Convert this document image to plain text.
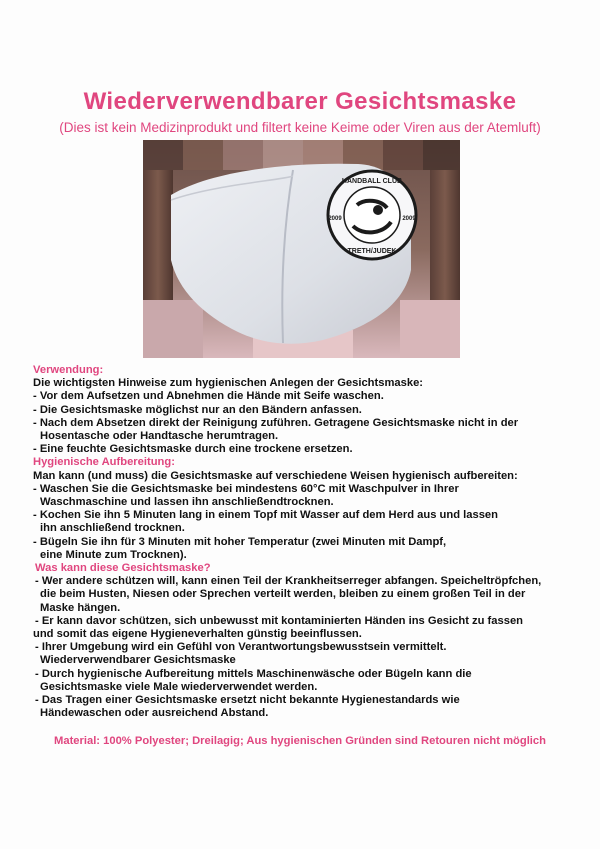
Wiederverwendbarer Gesichtsmaske
(Dies ist kein Medizinprodukt und filtert keine Keime oder Viren aus der Atemluft)
HANDBALL CLUB
TRETH/JUDEK
2009	2009
Verwendung:
Die wichtigsten Hinweise zum hygienischen Anlegen der Gesichtsmaske:
- Vor dem Aufsetzen und Abnehmen die Hände mit Seife waschen.
- Die Gesichtsmaske möglichst nur an den Bändern anfassen.
- Nach dem Absetzen direkt der Reinigung zuführen. Getragene Gesichtsmaske nicht in der
Hosentasche oder Handtasche herumtragen.
- Eine feuchte Gesichtsmaske durch eine trockene ersetzen.
Hygienische Aufbereitung:
Man kann (und muss) die Gesichtsmaske auf verschiedene Weisen hygienisch aufbereiten:
- Waschen Sie die Gesichtsmaske bei mindestens 60°C mit Waschpulver in Ihrer
Waschmaschine und lassen ihn anschließendtrocknen.
- Kochen Sie ihn 5 Minuten lang in einem Topf mit Wasser auf dem Herd aus und lassen
ihn anschließend trocknen.
- Bügeln Sie ihn für 3 Minuten mit hoher Temperatur (zwei Minuten mit Dampf,
eine Minute zum Trocknen).
Was kann diese Gesichtsmaske?
- Wer andere schützen will, kann einen Teil der Krankheitserreger abfangen. Speicheltröpfchen,
die beim Husten, Niesen oder Sprechen verteilt werden, bleiben zu einem großen Teil in der
Maske hängen.
- Er kann davor schützen, sich unbewusst mit kontaminierten Händen ins Gesicht zu fassen
und somit das eigene Hygieneverhalten günstig beeinflussen.
- Ihrer Umgebung wird ein Gefühl von Verantwortungsbewusstsein vermittelt.
Wiederverwendbarer Gesichtsmaske
- Durch hygienische Aufbereitung mittels Maschinenwäsche oder Bügeln kann die
Gesichtsmaske viele Male wiederverwendet werden.
- Das Tragen einer Gesichtsmaske ersetzt nicht bekannte Hygienestandards wie
Händewaschen oder ausreichend Abstand.
Material: 100% Polyester; Dreilagig; Aus hygienischen Gründen sind Retouren nicht möglich
